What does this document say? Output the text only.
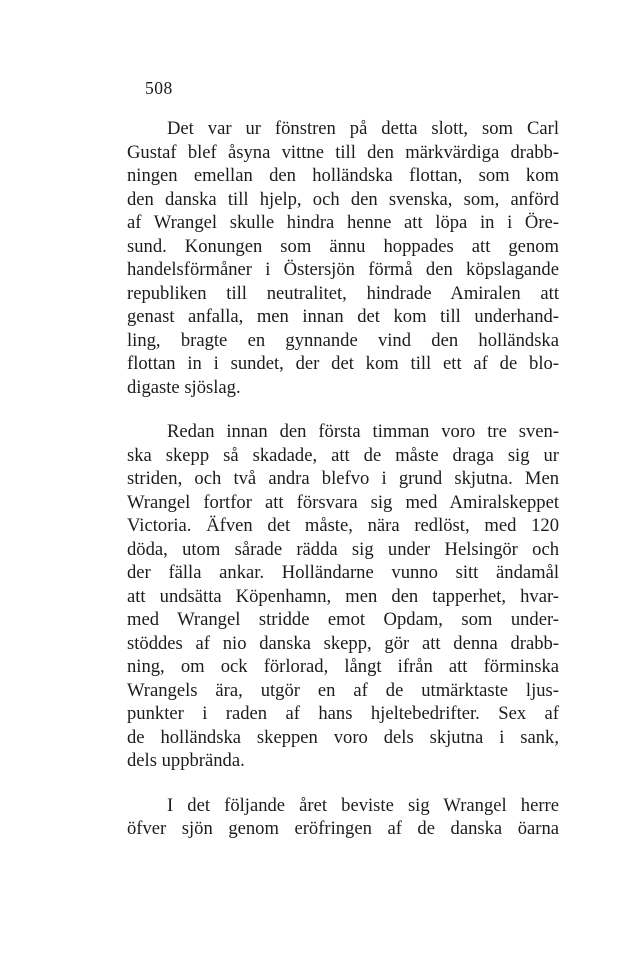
508

Det var ur fönstren på detta slott, som Carl
Gustaf blef åsyna vittne till den märkvärdiga drabb-
ningen emellan den holländska flottan, som kom
den danska till hjelp, och den svenska, som, anförd
af Wrangel skulle hindra henne att löpa in i Öre-
sund. Konungen som ännu hoppades att genom
handelsförmåner i Östersjön förmå den köpslagande
republiken till neutralitet, hindrade Amiralen att
genast anfalla, men innan det kom till underhand-
ling, bragte en gynnande vind den holländska
flottan in i sundet, der det kom till ett af de blo-
digaste sjöslag.

Redan innan den första timman voro tre sven-
ska skepp så skadade, att de måste draga sig ur
striden, och två andra blefvo i grund skjutna. Men
Wrangel fortfor att försvara sig med Amiralskeppet
Victoria. Äfven det måste, nära redlöst, med 120
döda, utom sårade rädda sig under Helsingör och
der fälla ankar. Holländarne vunno sitt ändamål
att undsätta Köpenhamn, men den tapperhet, hvar-
med Wrangel stridde emot Opdam, som under-
stöddes af nio danska skepp, gör att denna drabb-
ning, om ock förlorad, långt ifrån att förminska
Wrangels ära, utgör en af de utmärktaste ljus-
punkter i raden af hans hjeltebedrifter. Sex af
de holländska skeppen voro dels skjutna i sank,
dels uppbrända.

I det följande året beviste sig Wrangel herre
öfver sjön genom eröfringen af de danska öarna
